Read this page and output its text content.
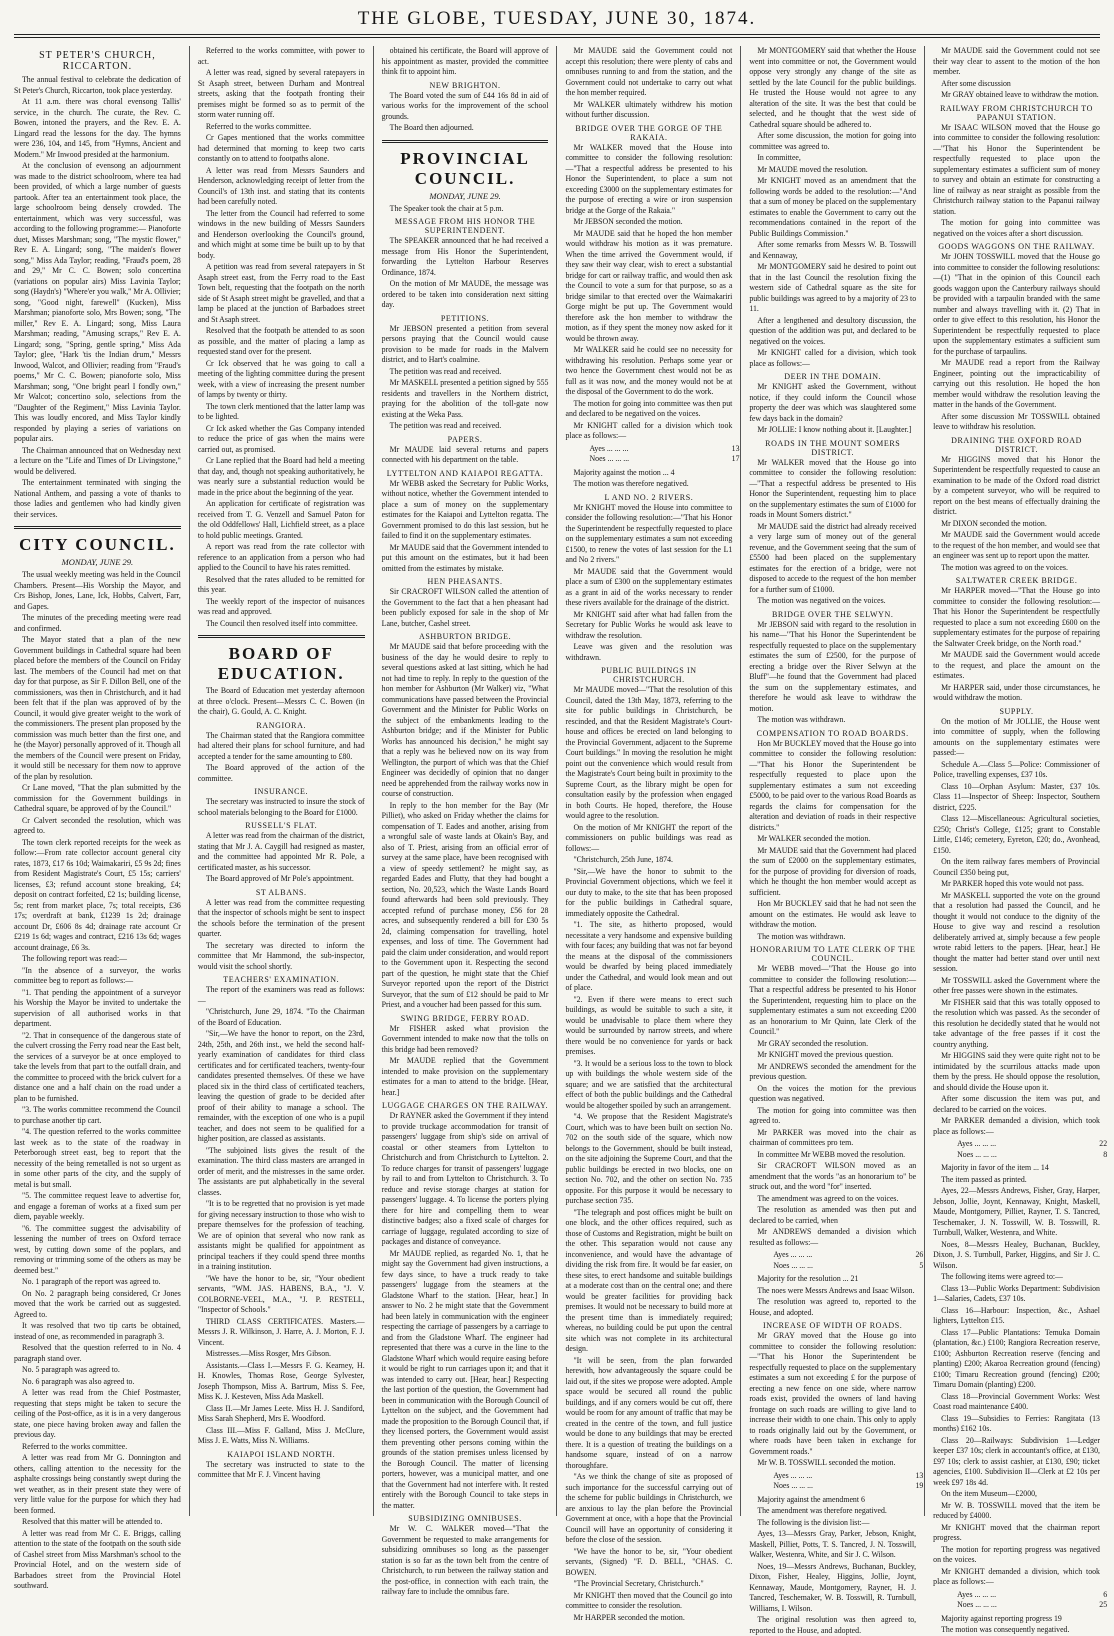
THE GLOBE, TUESDAY, JUNE 30, 1874.
ST PETER'S CHURCH, RICCARTON.

The annual festival to celebrate the dedication of St Peter's Church, Riccarton, took place yesterday.

At 11 a.m. there was choral evensong Tallis' service, in the church. The curate, the Rev. C. Bowen, intoned the prayers, and the Rev. E. A. Lingard read the lessons for the day. The hymns were 236, 104, and 145, from "Hymns, Ancient and Modern." Mr Inwood presided at the harmonium.

At the conclusion of evensong an adjournment was made to the district schoolroom, where tea had been provided, of which a large number of guests partook. After tea an entertainment took place, the large schoolroom being densely crowded. The entertainment, which was very successful, was according to the following programme:— Pianoforte duet, Misses Marshman; song, "The mystic flower," Rev E. A. Lingard; song, "The maiden's flower song," Miss Ada Taylor; reading, "Fraud's poem, 28 and 29," Mr C. C. Bowen; solo concertina (variations on popular airs) Miss Lavinia Taylor; song (Haydn's) "Where'er you walk," Mr A. Ollivier; song, "Good night, farewell" (Kucken), Miss Marshman; pianoforte solo, Mrs Bowen; song, "The miller," Rev E. A. Lingard; song, Miss Laura Marshman; reading, "Amusing scraps," Rev E. A. Lingard; song, "Spring, gentle spring," Miss Ada Taylor; glee, "Hark 'tis the Indian drum," Messrs Inwood, Walcot, and Ollivier; reading from "Fraud's poems," Mr C. C. Bowen; pianoforte solo, Miss Marshman; song, "One bright pearl I fondly own," Mr Walcot; concertino solo, selections from the "Daughter of the Regiment," Miss Lavinia Taylor. This was loudly encored, and Miss Taylor kindly responded by playing a series of variations on popular airs.

The Chairman announced that on Wednesday next a lecture on the "Life and Times of Dr Livingstone," would be delivered.

The entertainment terminated with singing the National Anthem, and passing a vote of thanks to those ladies and gentlemen who had kindly given their services.

CITY COUNCIL.
MONDAY, JUNE 29.

The usual weekly meeting was held in the Council Chambers. Present—His Worship the Mayor, and Crs Bishop, Jones, Lane, Ick, Hobbs, Calvert, Farr, and Gapes.

The minutes of the preceding meeting were read and confirmed.

The Mayor stated that a plan of the new Government buildings in Cathedral square had been placed before the members of the Council on Friday last. The members of the Council had met on that day for that purpose, as Sir F. Dillon Bell, one of the commissioners, was then in Christchurch, and it had been felt that if the plan was approved of by the Council, it would give greater weight to the work of the commissioners. The present plan proposed by the commission was much better than the first one, and he (the Mayor) personally approved of it. Though all the members of the Council were present on Friday, it would still be necessary for them now to approve of the plan by resolution.

Cr Lane moved, "That the plan submitted by the commission for the Government buildings in Cathedral square, be approved of by the Council."

Cr Calvert seconded the resolution, which was agreed to.

The town clerk reported receipts for the week as follow:—From rate collector account general city rates, 1873, £17 6s 10d; Waimakariri, £5 9s 2d; fines from Resident Magistrate's Court, £5 15s; carriers' licenses, £3; refund account stone breaking, £4; deposit on contract forfeited, £2 1s; building license, 5s; rent from market place, 7s; total receipts, £36 17s; overdraft at bank, £1239 1s 2d; drainage account Dr, £606 8s 4d; drainage rate account Cr £219 1s 6d; wages and contract, £216 13s 6d; wages account drainage, £6 3s.

The following report was read:—

"In the absence of a surveyor, the works committee beg to report as follows:—

"1. That pending the appointment of a surveyor his Worship the Mayor be invited to undertake the supervision of all authorised works in that department.

"2. That in consequence of the dangerous state of the culvert crossing the Ferry road near the East belt, the services of a surveyor be at once employed to take the levels from that part to the outfall drain, and the committee to proceed with the brick culvert for a distance one and a half chain on the road under a plan to be furnished.

"3. The works committee recommend the Council to purchase another tip cart.

"4. The question referred to the works committee last week as to the state of the roadway in Peterborough street east, beg to report that the necessity of the being remetalled is not so urgent as in some other parts of the city, and the supply of metal is but small.

"5. The committee request leave to advertise for, and engage a foreman of works at a fixed sum per diem, payable weekly.

"6. The committee suggest the advisability of lessening the number of trees on Oxford terrace west, by cutting down some of the poplars, and removing or trimming some of the others as may be deemed best."

No. 1 paragraph of the report was agreed to.

On No. 2 paragraph being considered, Cr Jones moved that the work be carried out as suggested. Agreed to.

It was resolved that two tip carts be obtained, instead of one, as recommended in paragraph 3.

Resolved that the question referred to in No. 4 paragraph stand over.

No. 5 paragraph was agreed to.

No. 6 paragraph was also agreed to.

A letter was read from the Chief Postmaster, requesting that steps might be taken to secure the ceiling of the Post-office, as it is in a very dangerous state, one piece having broken away and fallen the previous day.

Referred to the works committee.

A letter was read from Mr G. Donnington and others, calling attention to the necessity for the asphalte crossings being constantly swept during the wet weather, as in their present state they were of very little value for the purpose for which they had been formed.

Resolved that this matter will be attended to.

A letter was read from Mr C. E. Briggs, calling attention to the state of the footpath on the south side of Cashel street from Miss Marshman's school to the Provincial Hotel, and on the western side of Barbadoes street from the Provincial Hotel southward.

Referred to the works committee, with power to act.

A letter was read, signed by several ratepayers in St Asaph street, between Durham and Montreal streets, asking that the footpath fronting their premises might be formed so as to permit of the storm water running off.

Referred to the works committee.

Cr Gapes mentioned that the works committee had determined that morning to keep two carts constantly on to attend to footpaths alone.

A letter was read from Messrs Saunders and Henderson, acknowledging receipt of letter from the Council's of 13th inst. and stating that its contents had been carefully noted.

The letter from the Council had referred to some windows in the new building of Messrs Saunders and Henderson overlooking the Council's ground, and which might at some time be built up to by that body.

A petition was read from several ratepayers in St Asaph street east, from the Ferry road to the East Town belt, requesting that the footpath on the north side of St Asaph street might be gravelled, and that a lamp be placed at the junction of Barbadoes street and St Asaph street.

Resolved that the footpath be attended to as soon as possible, and the matter of placing a lamp as requested stand over for the present.

Cr Ick observed that he was going to call a meeting of the lighting committee during the present week, with a view of increasing the present number of lamps by twenty or thirty.

The town clerk mentioned that the latter lamp was to be lighted.

Cr Ick asked whether the Gas Company intended to reduce the price of gas when the mains were carried out, as promised.

Cr Lane replied that the Board had held a meeting that day, and, though not speaking authoritatively, he was nearly sure a substantial reduction would be made in the price about the beginning of the year.

An application for certificate of registration was received from T. G. Venzell and Samuel Paton for the old Oddfellows' Hall, Lichfield street, as a place to hold public meetings. Granted.

A report was read from the rate collector with reference to an application from a person who had applied to the Council to have his rates remitted.

Resolved that the rates alluded to be remitted for this year.

The weekly report of the inspector of nuisances was read and approved.

The Council then resolved itself into committee.

BOARD OF EDUCATION.

The Board of Education met yesterday afternoon at three o'clock. Present—Messrs C. C. Bowen (in the chair), G. Gould, A. C. Knight.

RANGIORA.

The Chairman stated that the Rangiora committee had altered their plans for school furniture, and had accepted a tender for the same amounting to £80.

The Board approved of the action of the committee.

INSURANCE.

The secretary was instructed to insure the stock of school materials belonging to the Board for £1000.

RUSSELL'S FLAT.

A letter was read from the chairman of the district, stating that Mr J. A. Caygill had resigned as master, and the committee had appointed Mr R. Pole, a certificated master, as his successor.

The Board approved of Mr Pole's appointment.

ST ALBANS.

A letter was read from the committee requesting that the inspector of schools might be sent to inspect the schools before the termination of the present quarter.

The secretary was directed to inform the committee that Mr Hammond, the sub-inspector, would visit the school shortly.

TEACHERS' EXAMINATION.

The report of the examiners was read as follows:—

"Christchurch, June 29, 1874. "To the Chairman of the Board of Education.

"Sir,—We have the honor to report, on the 23rd, 24th, 25th, and 26th inst., we held the second half-yearly examination of candidates for third class certificates and for certificated teachers, twenty-four candidates presented themselves. Of these we have placed six in the third class of certificated teachers, leaving the question of grade to be decided after proof of their ability to manage a school. The remainder, with the exception of one who is a pupil teacher, and does not seem to be qualified for a higher position, are classed as assistants.

"The subjoined lists gives the result of the examination. The third class masters are arranged in order of merit, and the mistresses in the same order. The assistants are put alphabetically in the several classes.

"It is to be regretted that no provision is yet made for giving necessary instruction to those who wish to prepare themselves for the profession of teaching. We are of opinion that several who now rank as assistants might be qualified for appointment as principal teachers if they could spend three months in a training institution.

"We have the honor to be, sir, "Your obedient servants, "WM. JAS. HABENS, B.A., "J. V. COLBORNE-VEEL, M.A., "J. P. RESTELL, "Inspector of Schools."

THIRD CLASS CERTIFICATES. Masters.—Messrs J. R. Wilkinson, J. Harre, A. J. Morton, F. J. Vincent.

Mistresses.—Miss Rosger, Mrs Gibson.

Assistants.—Class I.—Messrs F. G. Kearney, H. H. Knowles, Thomas Rose, George Sylvester, Joseph Thompson, Miss A. Bartrum, Miss S. Fee, Miss K. J. Kesteven, Miss Ada Maskell.

Class II.—Mr James Leete. Miss H. J. Sandiford, Miss Sarah Shepherd, Mrs E. Woodford.

Class III.—Miss F. Galland, Miss J. McClure, Miss J. E. Watts, Miss N. Williams.

KAIAPOI ISLAND NORTH.

The secretary was instructed to state to the committee that Mr F. J. Vincent having

obtained his certificate, the Board will approve of his appointment as master, provided the committee think fit to appoint him.

NEW BRIGHTON.

The Board voted the sum of £44 16s 8d in aid of various works for the improvement of the school grounds.

The Board then adjourned.

PROVINCIAL COUNCIL.
MONDAY, JUNE 29.

The Speaker took the chair at 5 p.m.

MESSAGE FROM HIS HONOR THE SUPERINTENDENT.

The SPEAKER announced that he had received a message from His Honor the Superintendent, forwarding the Lyttelton Harbour Reserves Ordinance, 1874.

On the motion of Mr MAUDE, the message was ordered to be taken into consideration next sitting day.

PETITIONS.

Mr JEBSON presented a petition from several persons praying that the Council would cause provision to be made for roads in the Malvern district, and to Hart's coalmine.

The petition was read and received.

Mr MASKELL presented a petition signed by 555 residents and travellers in the Northern district, praying for the abolition of the toll-gate now existing at the Weka Pass.

The petition was read and received.

PAPERS.

Mr MAUDE laid several returns and papers connected with his department on the table.

LYTTELTON AND KAIAPOI REGATTA.

Mr WEBB asked the Secretary for Public Works, without notice, whether the Government intended to place a sum of money on the supplementary estimates for the Kaiapoi and Lyttelton regatta. The Government promised to do this last session, but he failed to find it on the supplementary estimates.

Mr MAUDE said that the Government intended to put this amount on the estimates, but it had been omitted from the estimates by mistake.

HEN PHEASANTS.

Sir CRACROFT WILSON called the attention of the Government to the fact that a hen pheasant had been publicly exposed for sale in the shop of Mr Lane, butcher, Cashel street.

ASHBURTON BRIDGE.

Mr MAUDE said that before proceeding with the business of the day he would desire to reply to several questions asked at last sitting, which he had not had time to reply. In reply to the question of the hon member for Ashburton (Mr Walker) viz, "What communications have passed between the Provincial Government and the Minister for Public Works on the subject of the embankments leading to the Ashburton bridge; and if the Minister for Public Works has announced his decision," he might say that a reply was he believed now on its way from Wellington, the purport of which was that the Chief Engineer was decidedly of opinion that no danger need be apprehended from the railway works now in course of construction.

In reply to the hon member for the Bay (Mr Pilliet), who asked on Friday whether the claims for compensation of T. Eades and another, arising from a wrongful sale of waste lands at Okain's Bay, and also of T. Priest, arising from an official error of survey at the same place, have been recognised with a view of speedy settlement? he might say, as regarded Eades and Flutty, that they had bought a section, No. 20,523, which the Waste Lands Board found afterwards had been sold previously. They accepted refund of purchase money, £56 for 28 acres, and subsequently rendered a bill for £30 5s 2d, claiming compensation for travelling, hotel expenses, and loss of time. The Government had paid the claim under consideration, and would report to the Government upon it. Respecting the second part of the question, he might state that the Chief Surveyor reported upon the report of the District Surveyor, that the sum of £12 should be paid to Mr Priest, and a voucher had been passed for this sum.

SWING BRIDGE, FERRY ROAD.

Mr FISHER asked what provision the Government intended to make now that the tolls on this bridge had been removed?

Mr MAUDE replied that the Government intended to make provision on the supplementary estimates for a man to attend to the bridge. [Hear, hear.]

LUGGAGE CHARGES ON THE RAILWAY.

Dr RAYNER asked the Government if they intend to provide truckage accommodation for transit of passengers' luggage from ship's side on arrival of coastal or other steamers from Lyttelton to Christchurch and from Christchurch to Lyttelton. 2. To reduce charges for transit of passengers' luggage by rail to and from Lyttelton to Christchurch. 3. To reduce and revise storage charges at station for passengers' luggage. 4. To license the porters plying there for hire and compelling them to wear distinctive badges; also a fixed scale of charges for carriage of luggage, regulated according to size of packages and distance of conveyance.

Mr MAUDE replied, as regarded No. 1, that he might say the Government had given instructions, a few days since, to have a truck ready to take passengers' luggage from the steamers at the Gladstone Wharf to the station. [Hear, hear.] In answer to No. 2 he might state that the Government had been lately in communication with the engineer respecting the carriage of passengers by a carriage to and from the Gladstone Wharf. The engineer had represented that there was a curve in the line to the Gladstone Wharf which would require easing before it would be right to run carriages upon it; and that it was intended to carry out. [Hear, hear.] Respecting the last portion of the question, the Government had been in communication with the Borough Council of Lyttelton on the subject, and the Government had made the proposition to the Borough Council that, if they licensed porters, the Government would assist them preventing other persons coming within the grounds of the station premises unless licensed by the Borough Council. The matter of licensing porters, however, was a municipal matter, and one that the Government had not interfere with. It rested entirely with the Borough Council to take steps in the matter.

SUBSIDIZING OMNIBUSES.

Mr W. C. WALKER moved—"That the Government be requested to make arrangements for subsidizing omnibuses so long as the passenger station is so far as the town belt from the centre of Christchurch, to run between the railway station and the post-office, in connection with each train, the railway fare to include the omnibus fare.

Mr MAUDE said the Government could not accept this resolution; there were plenty of cabs and omnibuses running to and from the station, and the Government could not undertake to carry out what the hon member required.

Mr WALKER ultimately withdrew his motion without further discussion.

BRIDGE OVER THE GORGE OF THE RAKAIA.

Mr WALKER moved that the House into committee to consider the following resolution:—"That a respectful address be presented to his Honor the Superintendent, to place a sum not exceeding £3000 on the supplementary estimates for the purpose of erecting a wire or iron suspension bridge at the Gorge of the Rakaia."

Mr JEBSON seconded the motion.

Mr MAUDE said that he hoped the hon member would withdraw his motion as it was premature. When the time arrived the Government would, if they saw their way clear, wish to erect a substantial bridge for cart or railway traffic, and would then ask the Council to vote a sum for that purpose, so as a bridge similar to that erected over the Waimakariri Gorge might be put up. The Government would therefore ask the hon member to withdraw the motion, as if they spent the money now asked for it would be thrown away.

Mr WALKER said he could see no necessity for withdrawing his resolution. Perhaps some year or two hence the Government chest would not be as full as it was now, and the money would not be at the disposal of the Government to do the work.

The motion for going into committee was then put and declared to be negatived on the voices.

Mr KNIGHT called for a division which took place as follows:—

Ayes ... ... ...	13
Noes ... ... ...	17

Majority against the motion ... 4

The motion was therefore negatived.

L AND NO. 2 RIVERS.

Mr KNIGHT moved the House into committee to consider the following resolution:—"That his Honor the Superintendent be respectfully requested to place on the supplementary estimates a sum not exceeding £1500, to renew the votes of last session for the L1 and No 2 rivers."

Mr MAUDE said that the Government would place a sum of £300 on the supplementary estimates as a grant in aid of the works necessary to render these rivers available for the drainage of the district.

Mr KNIGHT said after what had fallen from the Secretary for Public Works he would ask leave to withdraw the resolution.

Leave was given and the resolution was withdrawn.

PUBLIC BUILDINGS IN CHRISTCHURCH.

Mr MAUDE moved—"That the resolution of this Council, dated the 13th May, 1873, referring to the site for public buildings in Christchurch, be rescinded, and that the Resident Magistrate's Court-house and offices be erected on land belonging to the Provincial Government, adjacent to the Supreme Court buildings." In moving the resolution he might point out the convenience which would result from the Magistrate's Court being built in proximity to the Supreme Court, as the library might be open for consultation easily by the profession when engaged in both Courts. He hoped, therefore, the House would agree to the resolution.

On the motion of Mr KNIGHT the report of the commissioners on public buildings was read as follows:—

"Christchurch, 25th June, 1874.

"Sir,—We have the honor to submit to the Provincial Government objections, which we feel it our duty to make, to the site that has been proposed for the public buildings in Cathedral square, immediately opposite the Cathedral.

"1. The site, as hitherto proposed, would necessitate a very handsome and expensive building with four faces; any building that was not far beyond the means at the disposal of the commissioners would be dwarfed by being placed immediately under the Cathedral, and would look mean and out of place.

"2. Even if there were means to erect such buildings, as would be suitable to such a site, it would be unadvisable to place them where they would be surrounded by narrow streets, and where there would be no convenience for yards or back premises.

"3. It would be a serious loss to the town to block up with buildings the whole western side of the square; and we are satisfied that the architectural effect of both the public buildings and the Cathedral would be altogether spoiled by such an arrangement.

"4. We propose that the Resident Magistrate's Court, which was to have been built on section No. 702 on the south side of the square, which now belongs to the Government, should be built instead, on the site adjoining the Supreme Court, and that the public buildings be erected in two blocks, one on section No. 702, and the other on section No. 735 opposite. For this purpose it would be necessary to purchase section 735.

"The telegraph and post offices might be built on one block, and the other offices required, such as those of Customs and Registration, might be built on the other. This separation would not cause any inconvenience, and would have the advantage of dividing the risk from fire. It would be far easier, on these sites, to erect handsome and suitable buildings at a moderate cost than on the central one; and there would be greater facilities for providing back premises. It would not be necessary to build more at the present time than is immediately required; whereas, no building could be put upon the central site which was not complete in its architectural design.

"It will be seen, from the plan forwarded herewith, how advantageously the square could be laid out, if the sites we propose were adopted. Ample space would be secured all round the public buildings, and if any corners would be cut off, there would be room for any amount of traffic that may be created in the centre of the town, and full justice would be done to any buildings that may be erected there. It is a question of treating the buildings on a handsome square, instead of on a narrow thoroughfare.

"As we think the change of site as proposed of such importance for the successful carrying out of the scheme for public buildings in Christchurch, we are anxious to lay the plan before the Provincial Government at once, with a hope that the Provincial Council will have an opportunity of considering it before the close of the session.

"We have the honor to be, sir, "Your obedient servants, (Signed) "F. D. BELL, "CHAS. C. BOWEN.

"The Provincial Secretary, Christchurch."

Mr KNIGHT then moved that the Council go into committee to consider the resolution.

Mr HARPER seconded the motion.

Mr MONTGOMERY said that whether the House went into committee or not, the Government would oppose very strongly any change of the site as settled by the late Council for the public buildings. He trusted the House would not agree to any alteration of the site. It was the best that could be selected, and he thought that the west side of Cathedral square should be adhered to.

After some discussion, the motion for going into committee was agreed to.

In committee,

Mr MAUDE moved the resolution.

Mr KNIGHT moved as an amendment that the following words be added to the resolution:—"And that a sum of money be placed on the supplementary estimates to enable the Government to carry out the recommendations contained in the report of the Public Buildings Commission."

After some remarks from Messrs W. B. Tosswill and Kennaway,

Mr MONTGOMERY said he desired to point out that in the last Council the resolution fixing the western side of Cathedral square as the site for public buildings was agreed to by a majority of 23 to 11.

After a lengthened and desultory discussion, the question of the addition was put, and declared to be negatived on the voices.

Mr KNIGHT called for a division, which took place as follows:—

DEER IN THE DOMAIN.

Mr KNIGHT asked the Government, without notice, if they could inform the Council whose property the deer was which was slaughtered some few days back in the domain?

Mr JOLLIE: I know nothing about it. [Laughter.]

ROADS IN THE MOUNT SOMERS DISTRICT.

Mr WALKER moved that the House go into committee to consider the following resolution:—"That a respectful address be presented to His Honor the Superintendent, requesting him to place on the supplementary estimates the sum of £1000 for roads in Mount Somers district."

Mr MAUDE said the district had already received a very large sum of money out of the general revenue, and the Government seeing that the sum of £5500 had been placed on the supplementary estimates for the erection of a bridge, were not disposed to accede to the request of the hon member for a further sum of £1000.

The motion was negatived on the voices.

BRIDGE OVER THE SELWYN.

Mr JEBSON said with regard to the resolution in his name—"That his Honor the Superintendent be respectfully requested to place on the supplementary estimates the sum of £2500, for the purpose of erecting a bridge over the River Selwyn at the Bluff"—he found that the Government had placed the sum on the supplementary estimates, and therefore he would ask leave to withdraw the motion.

The motion was withdrawn.

COMPENSATION TO ROAD BOARDS.

Hon Mr BUCKLEY moved that the House go into committee to consider the following resolution:—"That his Honor the Superintendent be respectfully requested to place upon the supplementary estimates a sum not exceeding £5000, to be paid over to the various Road Boards as regards the claims for compensation for the alteration and deviation of roads in their respective districts."

Mr WALKER seconded the motion.

Mr MAUDE said that the Government had placed the sum of £2000 on the supplementary estimates, for the purpose of providing for diversion of roads, which he thought the hon member would accept as sufficient.

Hon Mr BUCKLEY said that he had not seen the amount on the estimates. He would ask leave to withdraw the motion.

The motion was withdrawn.

HONORARIUM TO LATE CLERK OF THE COUNCIL.

Mr WEBB moved—"That the House go into committee to consider the following resolution:—That a respectful address be presented to his Honor the Superintendent, requesting him to place on the supplementary estimates a sum not exceeding £200 as an honorarium to Mr Quinn, late Clerk of the Council."

Mr GRAY seconded the resolution.

Mr KNIGHT moved the previous question.

Mr ANDREWS seconded the amendment for the previous question.

On the voices the motion for the previous question was negatived.

The motion for going into committee was then agreed to.

Mr PARKER was moved into the chair as chairman of committees pro tem.

In committee Mr WEBB moved the resolution.

Sir CRACROFT WILSON moved as an amendment that the words "as an honorarium to" be struck out, and the word "for" inserted.

The amendment was agreed to on the voices.

The resolution as amended was then put and declared to be carried, when

Mr ANDREWS demanded a division which resulted as follows:—

Ayes ... ... ...	26
Noes ... ... ...	5

Majority for the resolution ... 21

The noes were Messrs Andrews and Isaac Wilson.

The resolution was agreed to, reported to the House, and adopted.

INCREASE OF WIDTH OF ROADS.

Mr GRAY moved that the House go into committee to consider the following resolution:—"That his Honor the Superintendent be respectfully requested to place on the supplementary estimates a sum not exceeding £ for the purpose of erecting a new fence on one side, where narrow roads exist, provided the owners of land having frontage on such roads are willing to give land to increase their width to one chain. This only to apply to roads originally laid out by the Government, or where roads have been taken in exchange for Government roads."

Mr W. B. TOSSWILL seconded the motion.

Ayes ... ... ...	13
Noes ... ... ...	19

Majority against the amendment 6

The amendment was therefore negatived.

The following is the division list:—

Ayes, 13—Messrs Gray, Parker, Jebson, Knight, Maskell, Pilliet, Potts, T. S. Tancred, J. N. Tosswill, Walker, Westenra, White, and Sir J. C. Wilson.

Noes, 19—Messrs Andrews, Buchanan, Buckley, Dixon, Fisher, Healey, Higgins, Jollie, Joynt, Kennaway, Maude, Montgomery, Rayner, H. J. Tancred, Teschemaker, W. B. Tosswill, R. Turnbull, Williams, I. Wilson.

The original resolution was then agreed to, reported to the House, and adopted.

Mr MAUDE said the Government could not see their way clear to assent to the motion of the hon member.

After some discussion

Mr GRAY obtained leave to withdraw the motion.

RAILWAY FROM CHRISTCHURCH TO PAPANUI STATION.

Mr ISAAC WILSON moved that the House go into committee to consider the following resolution:—"That his Honor the Superintendent be respectfully requested to place upon the supplementary estimates a sufficient sum of money to survey and obtain an estimate for constructing a line of railway as near straight as possible from the Christchurch railway station to the Papanui railway station.

The motion for going into committee was negatived on the voices after a short discussion.

GOODS WAGGONS ON THE RAILWAY.

Mr JOHN TOSSWILL moved that the House go into committee to consider the following resolutions:—(1) "That in the opinion of this Council each goods waggon upon the Canterbury railways should be provided with a tarpaulin branded with the same number and always travelling with it. (2) That in order to give effect to this resolution, his Honor the Superintendent be respectfully requested to place upon the supplementary estimates a sufficient sum for the purchase of tarpaulins.

Mr MAUDE read a report from the Railway Engineer, pointing out the impracticability of carrying out this resolution. He hoped the hon member would withdraw the resolution leaving the matter in the hands of the Government.

After some discussion Mr TOSSWILL obtained leave to withdraw his resolution.

DRAINING THE OXFORD ROAD DISTRICT.

Mr HIGGINS moved that his Honor the Superintendent be respectfully requested to cause an examination to be made of the Oxford road district by a competent surveyor, who will be required to report on the best means of effectually draining the district.

Mr DIXON seconded the motion.

Mr MAUDE said the Government would accede to the request of the hon member, and would see that an engineer was sent up to report upon the matter.

The motion was agreed to on the voices.

SALTWATER CREEK BRIDGE.

Mr HARPER moved—"That the House go into committee to consider the following resolution:—That his Honor the Superintendent be respectfully requested to place a sum not exceeding £600 on the supplementary estimates for the purpose of repairing the Saltwater Creek bridge, on the North road."

Mr MAUDE said the Government would accede to the request, and place the amount on the estimates.

Mr HARPER said, under those circumstances, he would withdraw the motion.

SUPPLY.

On the motion of Mr JOLLIE, the House went into committee of supply, when the following amounts on the supplementary estimates were passed:—

Schedule A.—Class 5—Police: Commissioner of Police, travelling expenses, £37 10s.

Class 10—Orphan Asylum: Master, £37 10s. Class 11—Inspector of Sheep: Inspector, Southern district, £225.

Class 12—Miscellaneous: Agricultural societies, £250; Christ's College, £125; grant to Constable Little, £146; cemetery, Eyreton, £20; do., Avonhead, £150.

On the item railway fares members of Provincial Council £350 being put,

Mr PARKER hoped this vote would not pass.

Mr MASKELL supported the vote on the ground that a resolution had passed the Council, and he thought it would not conduce to the dignity of the House to give way and rescind a resolution deliberately arrived at, simply because a few people wrote rabid letters to the papers. [Hear, hear.] He thought the matter had better stand over until next session.

Mr TOSSWILL asked the Government where the other free passes were shown in the estimates.

Mr FISHER said that this was totally opposed to the resolution which was passed. As the seconder of this resolution he decidedly stated that he would not take advantage of the free passes if it cost the country anything.

Mr HIGGINS said they were quite right not to be intimidated by the scurrilous attacks made upon them by the press. He should oppose the resolution, and should divide the House upon it.

After some discussion the item was put, and declared to be carried on the voices.

Mr PARKER demanded a division, which took place as follows:—

Ayes ... ... ...	22
Noes ... ... ...	8

Majority in favor of the item ... 14

The item passed as printed.

Ayes, 22—Messrs Andrews, Fisher, Gray, Harper, Jebson, Jollie, Joynt, Kennaway, Knight, Maskell, Maude, Montgomery, Pilliet, Rayner, T. S. Tancred, Teschemaker, J. N. Tosswill, W. B. Tosswill, R. Turnbull, Walker, Westenra, and White.

Noes, 8—Messrs Healey, Buchanan, Buckley, Dixon, J. S. Turnbull, Parker, Higgins, and Sir J. C. Wilson.

The following items were agreed to:—

Class 13—Public Works Department: Subdivision 1—Salaries, Cadets, £37 10s.

Class 16—Harbour: Inspection, &c., Ashael lighters, Lyttelton £15.

Class 17—Public Plantations: Temuka Domain (plantation, &c.) £100; Rangiora Recreation reserve, £100; Ashburton Recreation reserve (fencing and planting) £200; Akaroa Recreation ground (fencing) £100; Timaru Recreation ground (fencing) £200; Timaru Domain (planting) £200.

Class 18—Provincial Government Works: West Coast road maintenance £400.

Class 19—Subsidies to Ferries: Rangitata (13 months) £162 10s.

Class 20—Railways: Subdivision 1—Ledger keeper £37 10s; clerk in accountant's office, at £130, £97 10s; clerk to assist cashier, at £130, £90; ticket agencies, £100. Subdivision II—Clerk at £2 10s per week £97 18s 4d.

On the item Museum—£2000,

Mr W. B. TOSSWILL moved that the item be reduced by £4000.

Mr KNIGHT moved that the chairman report progress.

The motion for reporting progress was negatived on the voices.

Mr KNIGHT demanded a division, which took place as follows:—

Ayes ... ... ...	6
Noes ... ... ...	25

Majority against reporting progress 19

The motion was consequently negatived.
